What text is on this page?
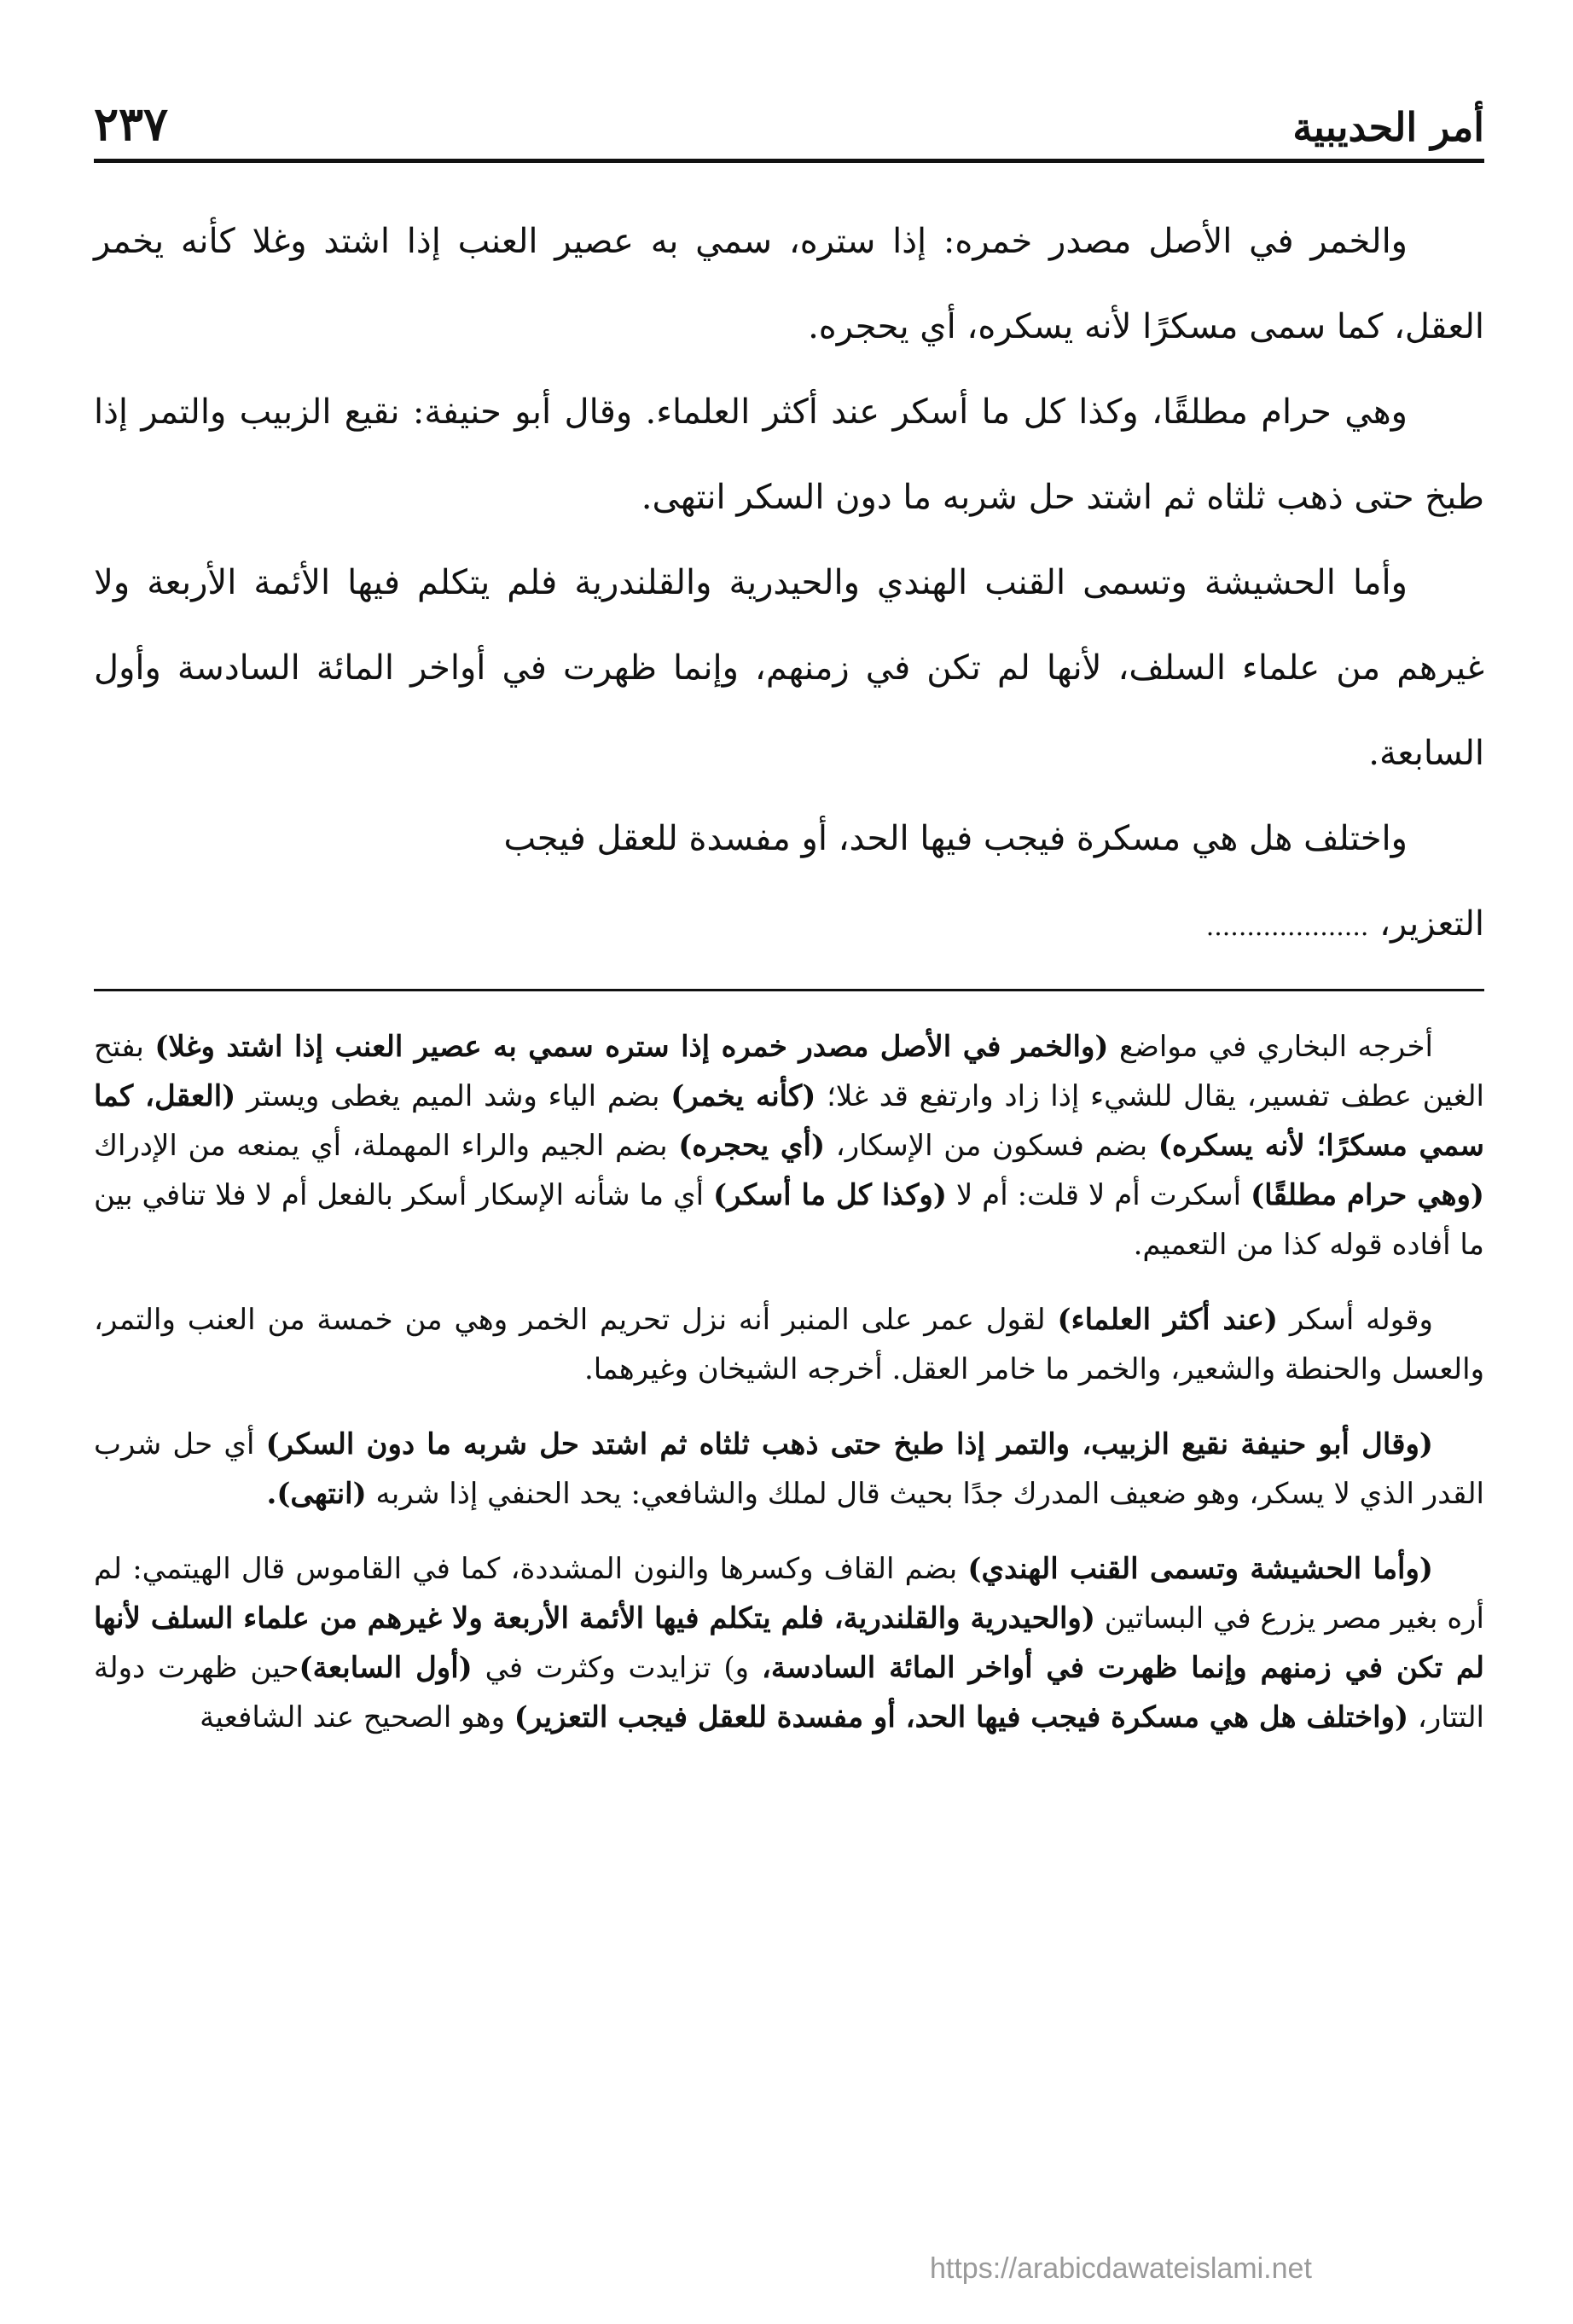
أمر الحديبية
٢٣٧

والخمر في الأصل مصدر خمره: إذا ستره، سمي به عصير العنب إذا اشتد وغلا كأنه يخمر العقل، كما سمى مسكرًا لأنه يسكره، أي يحجره.

وهي حرام مطلقًا، وكذا كل ما أسكر عند أكثر العلماء. وقال أبو حنيفة: نقيع الزبيب والتمر إذا طبخ حتى ذهب ثلثاه ثم اشتد حل شربه ما دون السكر انتهى.

وأما الحشيشة وتسمى القنب الهندي والحيدرية والقلندرية فلم يتكلم فيها الأئمة الأربعة ولا غيرهم من علماء السلف، لأنها لم تكن في زمنهم، وإنما ظهرت في أواخر المائة السادسة وأول السابعة.

واختلف هل هي مسكرة فيجب فيها الحد، أو مفسدة للعقل فيجب

التعزير، ....................

أخرجه البخاري في مواضع (والخمر في الأصل مصدر خمره إذا ستره سمي به عصير العنب إذا اشتد وغلا) بفتح الغين عطف تفسير، يقال للشيء إذا زاد وارتفع قد غلا؛ (كأنه يخمر) بضم الياء وشد الميم يغطى ويستر (العقل، كما سمي مسكرًا؛ لأنه يسكره) بضم فسكون من الإسكار، (أي يحجره) بضم الجيم والراء المهملة، أي يمنعه من الإدراك (وهي حرام مطلقًا) أسكرت أم لا قلت: أم لا (وكذا كل ما أسكر) أي ما شأنه الإسكار أسكر بالفعل أم لا فلا تنافي بين ما أفاده قوله كذا من التعميم.

وقوله أسكر (عند أكثر العلماء) لقول عمر على المنبر أنه نزل تحريم الخمر وهي من خمسة من العنب والتمر، والعسل والحنطة والشعير، والخمر ما خامر العقل. أخرجه الشيخان وغيرهما.

(وقال أبو حنيفة نقيع الزبيب، والتمر إذا طبخ حتى ذهب ثلثاه ثم اشتد حل شربه ما دون السكر) أي حل شرب القدر الذي لا يسكر، وهو ضعيف المدرك جدًا بحيث قال لملك والشافعي: يحد الحنفي إذا شربه (انتهى).

(وأما الحشيشة وتسمى القنب الهندي) بضم القاف وكسرها والنون المشددة، كما في القاموس قال الهيتمي: لم أره بغير مصر يزرع في البساتين (والحيدرية والقلندرية، فلم يتكلم فيها الأئمة الأربعة ولا غيرهم من علماء السلف لأنها لم تكن في زمنهم وإنما ظهرت في أواخر المائة السادسة، و) تزايدت وكثرت في (أول السابعة)حين ظهرت دولة التتار، (واختلف هل هي مسكرة فيجب فيها الحد، أو مفسدة للعقل فيجب التعزير) وهو الصحيح عند الشافعية

https://arabicdawateislami.net
